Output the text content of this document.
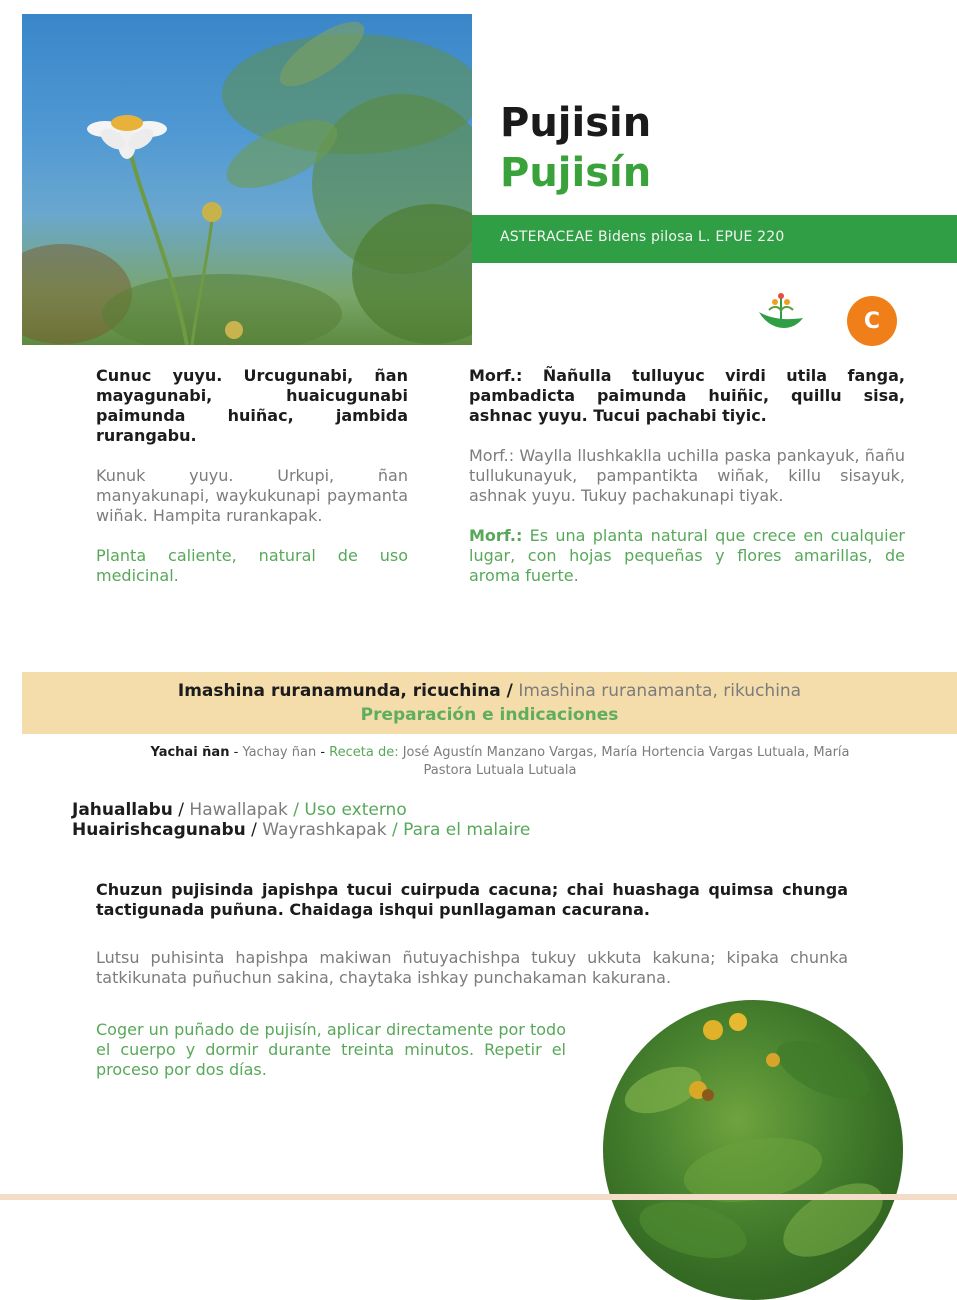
Pujisin
Pujisín
ASTERACEAE Bidens pilosa L. EPUE 220
C
Cunuc yuyu. Urcugunabi, ñan mayagunabi, huaicugunabi paimunda huiñac, jambida rurangabu.
Kunuk yuyu. Urkupi, ñan manyakunapi, waykukunapi paymanta wiñak. Hampita rurankapak.
Planta caliente, natural de uso medicinal.
Morf.: Ñañulla tulluyuc virdi utila fanga, pambadicta paimunda huiñic, quillu sisa, ashnac yuyu. Tucui pachabi tiyic.
Morf.: Waylla llushkaklla uchilla paska pankayuk, ñañu tullukunayuk, pampantikta wiñak, killu sisayuk, ashnak yuyu. Tukuy pachakunapi tiyak.
Morf.: Es una planta natural que crece en cualquier lugar, con hojas pequeñas y flores amarillas, de aroma fuerte.
Imashina ruranamunda, ricuchina / Imashina ruranamanta, rikuchina
Preparación e indicaciones
Yachai ñan - Yachay ñan - Receta de: José Agustín Manzano Vargas, María Hortencia Vargas Lutuala, María Pastora Lutuala Lutuala
Jahuallabu / Hawallapak / Uso externo
Huairishcagunabu / Wayrashkapak / Para el malaire
Chuzun pujisinda japishpa tucui cuirpuda cacuna; chai huashaga quimsa chunga tactigunada puñuna. Chaidaga ishqui punllagaman cacurana.
Lutsu puhisinta hapishpa makiwan ñutuyachishpa tukuy ukkuta kakuna; kipaka chunka tatkikunata puñuchun sakina, chaytaka ishkay punchakaman kakurana.
Coger un puñado de pujisín, aplicar directamente por todo el cuerpo y dormir durante treinta minutos. Repetir el proceso por dos días.
